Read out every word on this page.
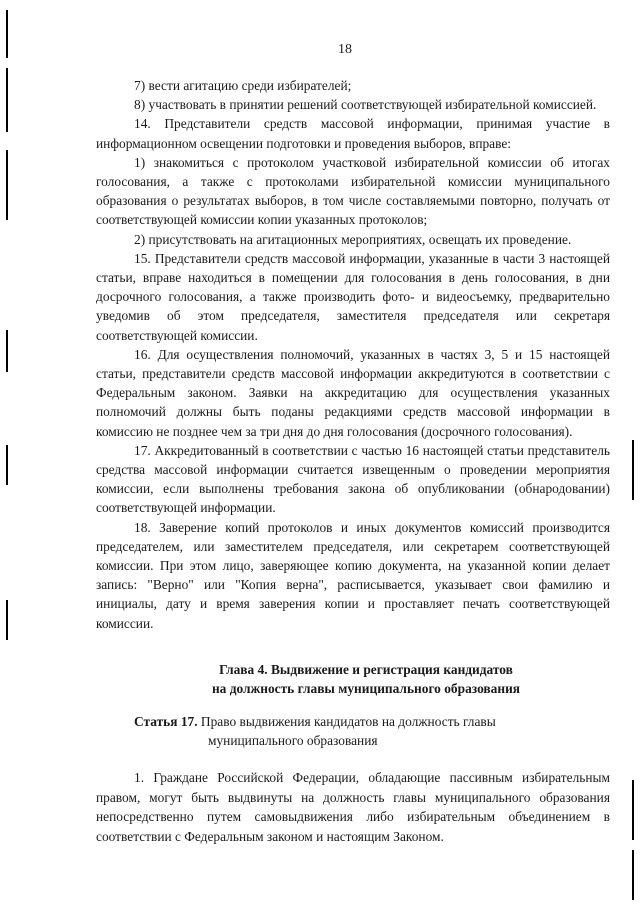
18

7) вести агитацию среди избирателей;

8) участвовать в принятии решений соответствующей избирательной комиссией.

14. Представители средств массовой информации, принимая участие в информационном освещении подготовки и проведения выборов, вправе:

1) знакомиться с протоколом участковой избирательной комиссии об итогах голосования, а также с протоколами избирательной комиссии муниципального образования о результатах выборов, в том числе составляемыми повторно, получать от соответствующей комиссии копии указанных протоколов;

2) присутствовать на агитационных мероприятиях, освещать их проведение.

15. Представители средств массовой информации, указанные в части 3 настоящей статьи, вправе находиться в помещении для голосования в день голосования, в дни досрочного голосования, а также производить фото- и видеосъемку, предварительно уведомив об этом председателя, заместителя председателя или секретаря соответствующей комиссии.

16. Для осуществления полномочий, указанных в частях 3, 5 и 15 настоящей статьи, представители средств массовой информации аккредитуются в соответствии с Федеральным законом. Заявки на аккредитацию для осуществления указанных полномочий должны быть поданы редакциями средств массовой информации в комиссию не позднее чем за три дня до дня голосования (досрочного голосования).

17. Аккредитованный в соответствии с частью 16 настоящей статьи представитель средства массовой информации считается извещенным о проведении мероприятия комиссии, если выполнены требования закона об опубликовании (обнародовании) соответствующей информации.

18. Заверение копий протоколов и иных документов комиссий производится председателем, или заместителем председателя, или секретарем соответствующей комиссии. При этом лицо, заверяющее копию документа, на указанной копии делает запись: "Верно" или "Копия верна", расписывается, указывает свои фамилию и инициалы, дату и время заверения копии и проставляет печать соответствующей комиссии.

Глава 4. Выдвижение и регистрация кандидатов
на должность главы муниципального образования
Статья 17. Право выдвижения кандидатов на должность главы
муниципального образования

1. Граждане Российской Федерации, обладающие пассивным избирательным правом, могут быть выдвинуты на должность главы муниципального образования непосредственно путем самовыдвижения либо избирательным объединением в соответствии с Федеральным законом и настоящим Законом.
